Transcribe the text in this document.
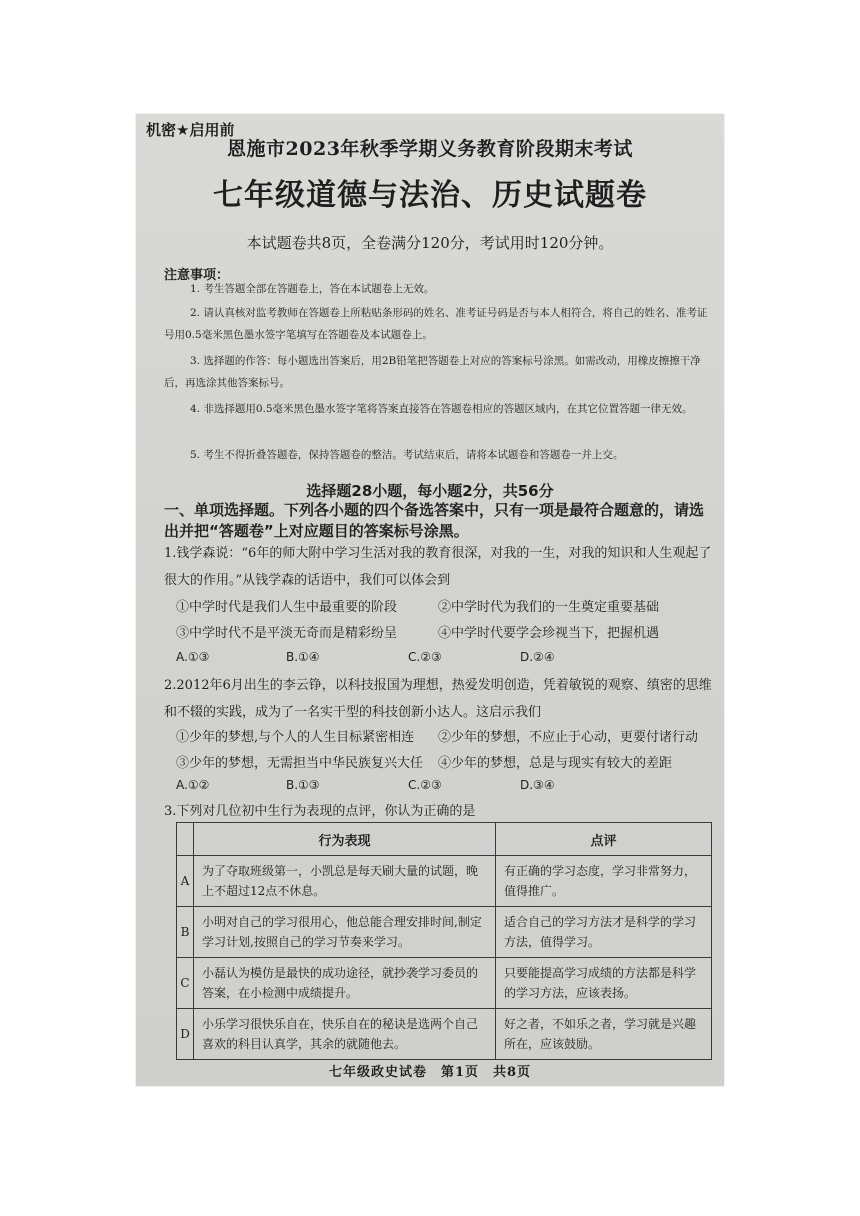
机密★启用前
恩施市2023年秋季学期义务教育阶段期末考试
七年级道德与法治、历史试题卷
本试题卷共8页，全卷满分120分，考试用时120分钟。
注意事项：
1. 考生答题全部在答题卷上，答在本试题卷上无效。
2. 请认真核对监考教师在答题卷上所粘贴条形码的姓名、准考证号码是否与本人相符合，将自己的姓名、准考证号用0.5毫米黑色墨水签字笔填写在答题卷及本试题卷上。
3. 选择题的作答：每小题选出答案后，用2B铅笔把答题卷上对应的答案标号涂黑。如需改动，用橡皮擦擦干净后，再选涂其他答案标号。
4. 非选择题用0.5毫米黑色墨水签字笔将答案直接答在答题卷相应的答题区域内，在其它位置答题一律无效。
5. 考生不得折叠答题卷，保持答题卷的整洁。考试结束后，请将本试题卷和答题卷一并上交。
选择题28小题，每小题2分，共56分
一、单项选择题。下列各小题的四个备选答案中，只有一项是最符合题意的，请选出并把“答题卷”上对应题目的答案标号涂黑。
1.钱学森说：“6年的师大附中学习生活对我的教育很深，对我的一生，对我的知识和人生观起了很大的作用。”从钱学森的话语中，我们可以体会到
①中学时代是我们人生中最重要的阶段	②中学时代为我们的一生奠定重要基础
③中学时代不是平淡无奇而是精彩纷呈	④中学时代要学会珍视当下，把握机遇
A.①③	B.①④	C.②③	D.②④
2.2012年6月出生的李云铮，以科技报国为理想，热爱发明创造，凭着敏锐的观察、缜密的思维和不辍的实践，成为了一名实干型的科技创新小达人。这启示我们
①少年的梦想,与个人的人生目标紧密相连 ②少年的梦想，不应止于心动，更要付诸行动
③少年的梦想，无需担当中华民族复兴大任 ④少年的梦想，总是与现实有较大的差距
A.①②	B.①③	C.②③	D.③④
3.下列对几位初中生行为表现的点评，你认为正确的是
	行为表现	点评
A	为了夺取班级第一，小凯总是每天刷大量的试题，晚上不超过12点不休息。	有正确的学习态度，学习非常努力，值得推广。
B	小明对自己的学习很用心，他总能合理安排时间,制定学习计划,按照自己的学习节奏来学习。	适合自己的学习方法才是科学的学习方法，值得学习。
C	小磊认为模仿是最快的成功途径，就抄袭学习委员的答案，在小检测中成绩提升。	只要能提高学习成绩的方法都是科学的学习方法，应该表扬。
D	小乐学习很快乐自在，快乐自在的秘诀是选两个自己喜欢的科目认真学，其余的就随他去。	好之者，不如乐之者，学习就是兴趣所在，应该鼓励。
七年级政史试卷　第1页　共8页
